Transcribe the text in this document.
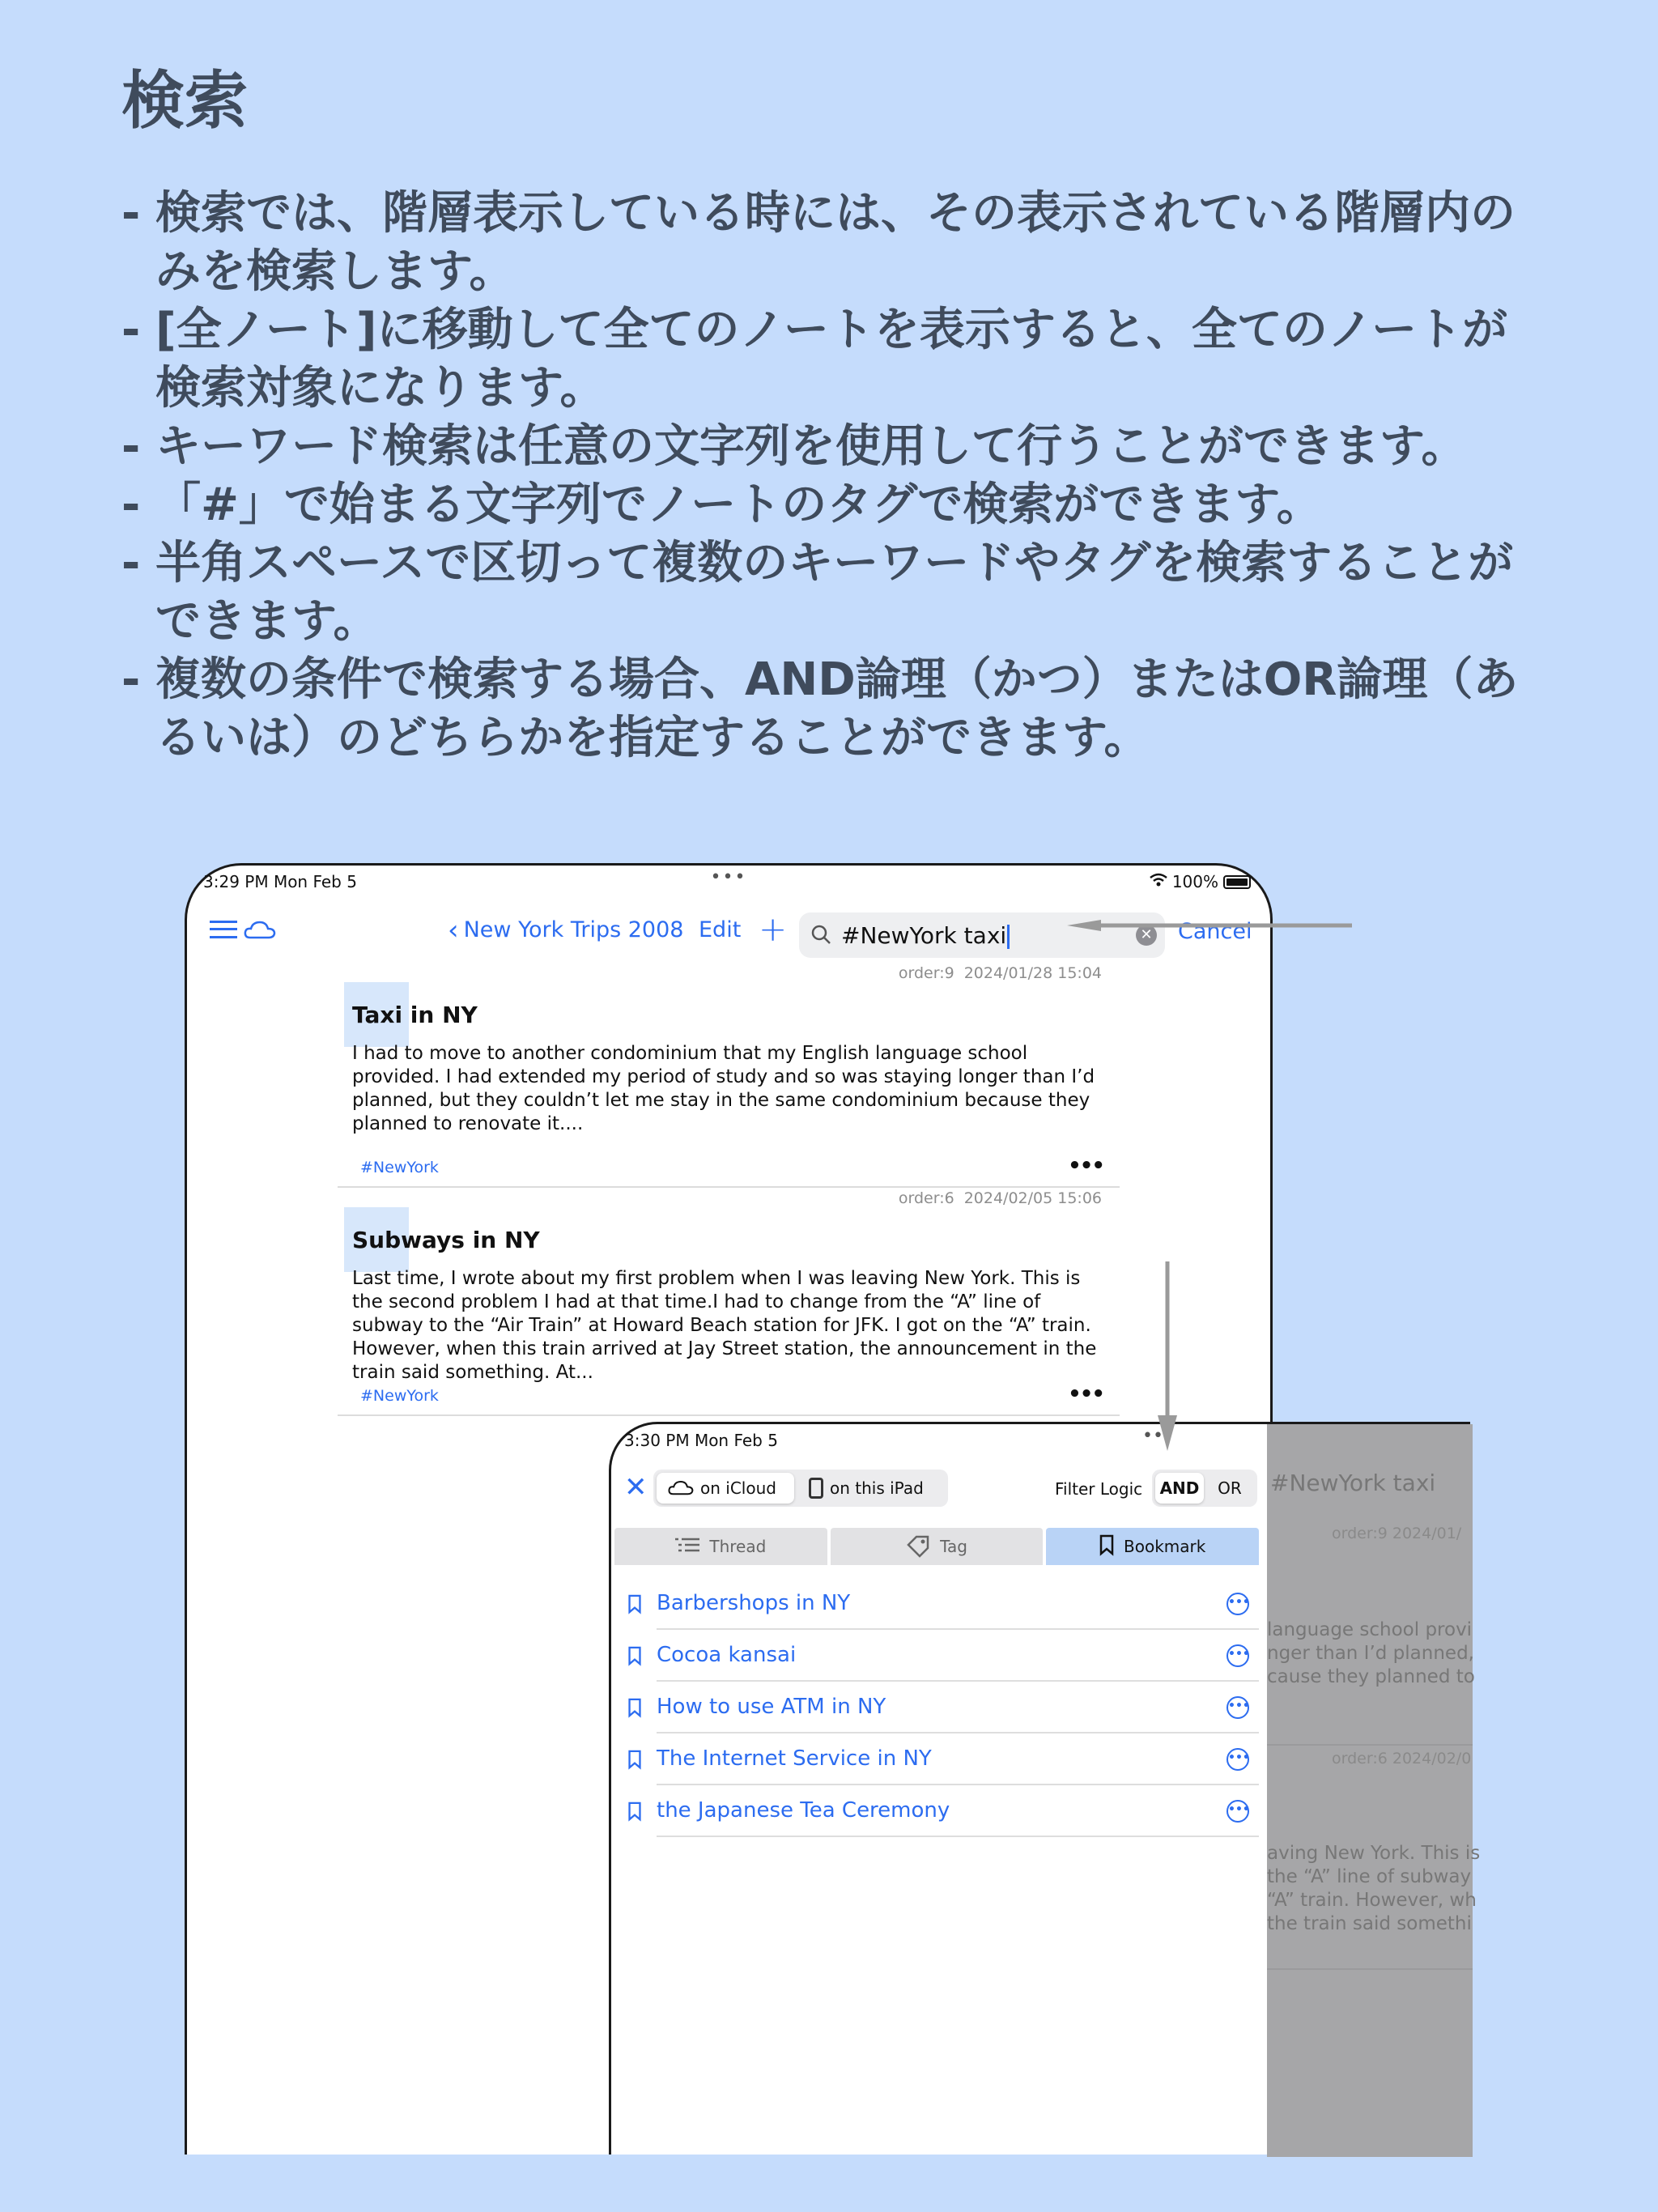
検索
- 検索では、階層表示している時には、その表示されている階層内のみを検索します。
- [全ノート]に移動して全てのノートを表示すると、全てのノートが検索対象になります。
- キーワード検索は任意の文字列を使用して行うことができます。
- 「#」で始まる文字列でノートのタグで検索ができます。
- 半角スペースで区切って複数のキーワードやタグを検索することができます。
- 複数の条件で検索する場合、AND論理（かつ）またはOR論理（あるいは）のどちらかを指定することができます。
3:29 PM Mon Feb 5	•••	100%
‹ New York Trips 2008 Edit + #NewYork taxi	✕ Cancel
order:9 2024/01/28 15:04
Taxi in NY
I had to move to another condominium that my English language school provided. I had extended my period of study and so was staying longer than I’d planned, but they couldn’t let me stay in the same condominium because they planned to renovate it....
#NewYork	•••
order:6 2024/02/05 15:06
Subways in NY
Last time, I wrote about my first problem when I was leaving New York. This is the second problem I had at that time.I had to change from the “A” line of subway to the “Air Train” at Howard Beach station for JFK. I got on the “A” train. However, when this train arrived at Jay Street station, the announcement in the train said something. At...
#NewYork	•••
3:30 PM Mon Feb 5	••
✕	on iCloud	on this iPad	Filter Logic AND	OR
Thread	Tag	Bookmark
Barbershops in NY	•••
Cocoa kansai	•••
How to use ATM in NY	•••
The Internet Service in NY	•••
the Japanese Tea Ceremony	•••
#NewYork taxi
order:9 2024/01/
language school provi
nger than I’d planned,
cause they planned to
order:6 2024/02/0
aving New York. This is
the “A” line of subway
“A” train. However, wh
the train said somethi
